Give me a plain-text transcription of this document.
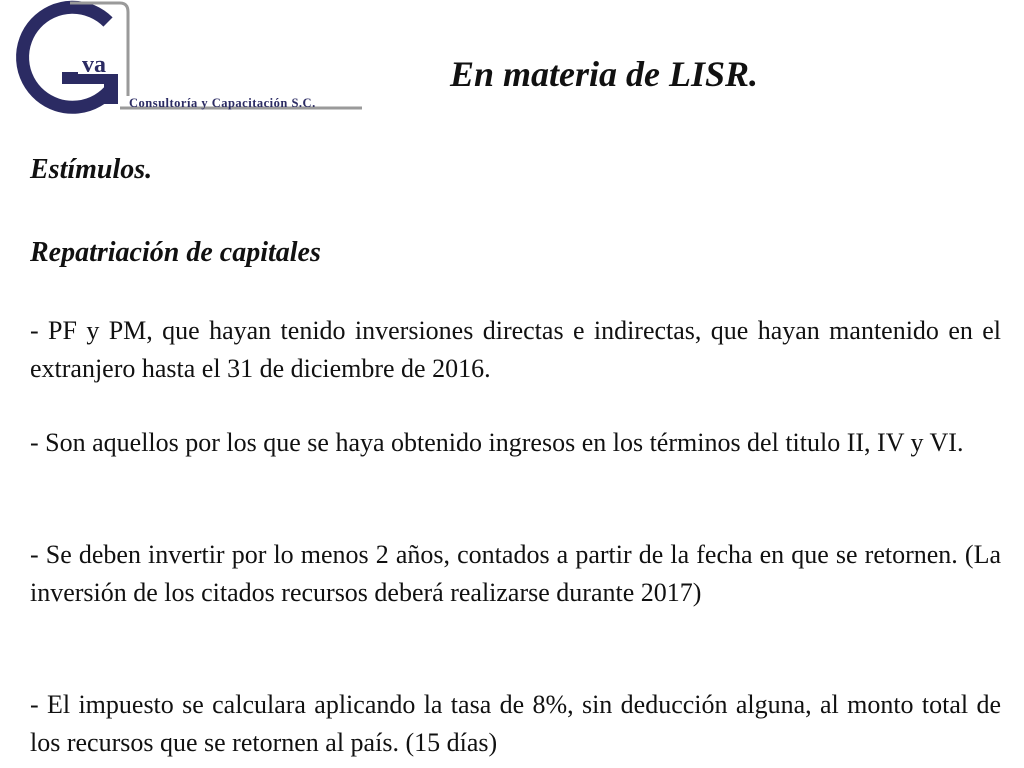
va
Consultoría y Capacitación S.C.
En materia de LISR.
Estímulos.
Repatriación de capitales
- PF y PM, que hayan tenido inversiones directas e indirectas, que hayan mantenido en el extranjero hasta el 31 de diciembre de 2016.
- Son aquellos por los que se haya obtenido ingresos en los términos del titulo II, IV y VI.
- Se deben invertir por lo menos 2 años, contados a partir de la fecha en que se retornen. (La inversión de los citados recursos deberá realizarse durante 2017)
- El impuesto se calculara aplicando la tasa de 8%, sin deducción alguna, al monto total de los recursos que se retornen al país. (15 días)
